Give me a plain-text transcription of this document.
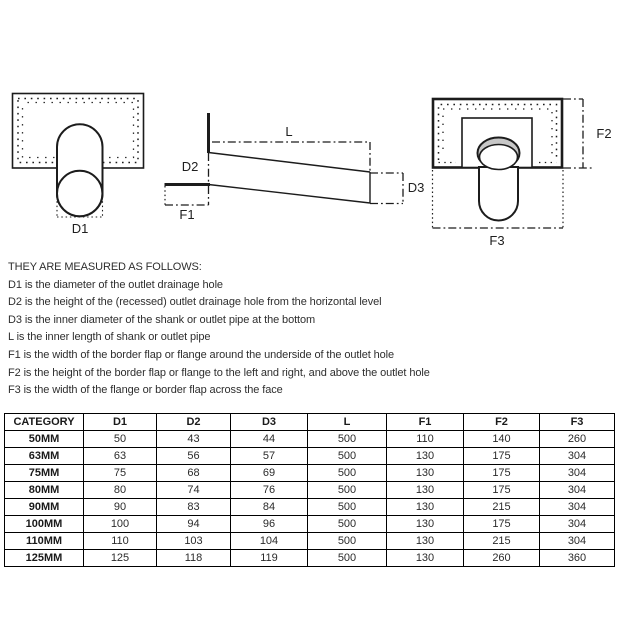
D1
L
D2
F1
D3
F2
F3
THEY ARE MEASURED AS FOLLOWS:
D1 is the diameter of the outlet drainage hole
D2 is the height of the (recessed) outlet drainage hole from the horizontal level
D3 is the inner diameter of the shank or outlet pipe at the bottom
L is the inner length of shank or outlet pipe
F1 is the width of the border flap or flange around the underside of the outlet hole
F2 is the height of the border flap or flange to the left and right, and above the outlet hole
F3 is the width of the flange or border flap across the face
CATEGORY	D1	D2	D3	L	F1	F2	F3
50MM	50	43	44	500	110	140	260
63MM	63	56	57	500	130	175	304
75MM	75	68	69	500	130	175	304
80MM	80	74	76	500	130	175	304
90MM	90	83	84	500	130	215	304
100MM	100	94	96	500	130	175	304
110MM	110	103	104	500	130	215	304
125MM	125	118	119	500	130	260	360
